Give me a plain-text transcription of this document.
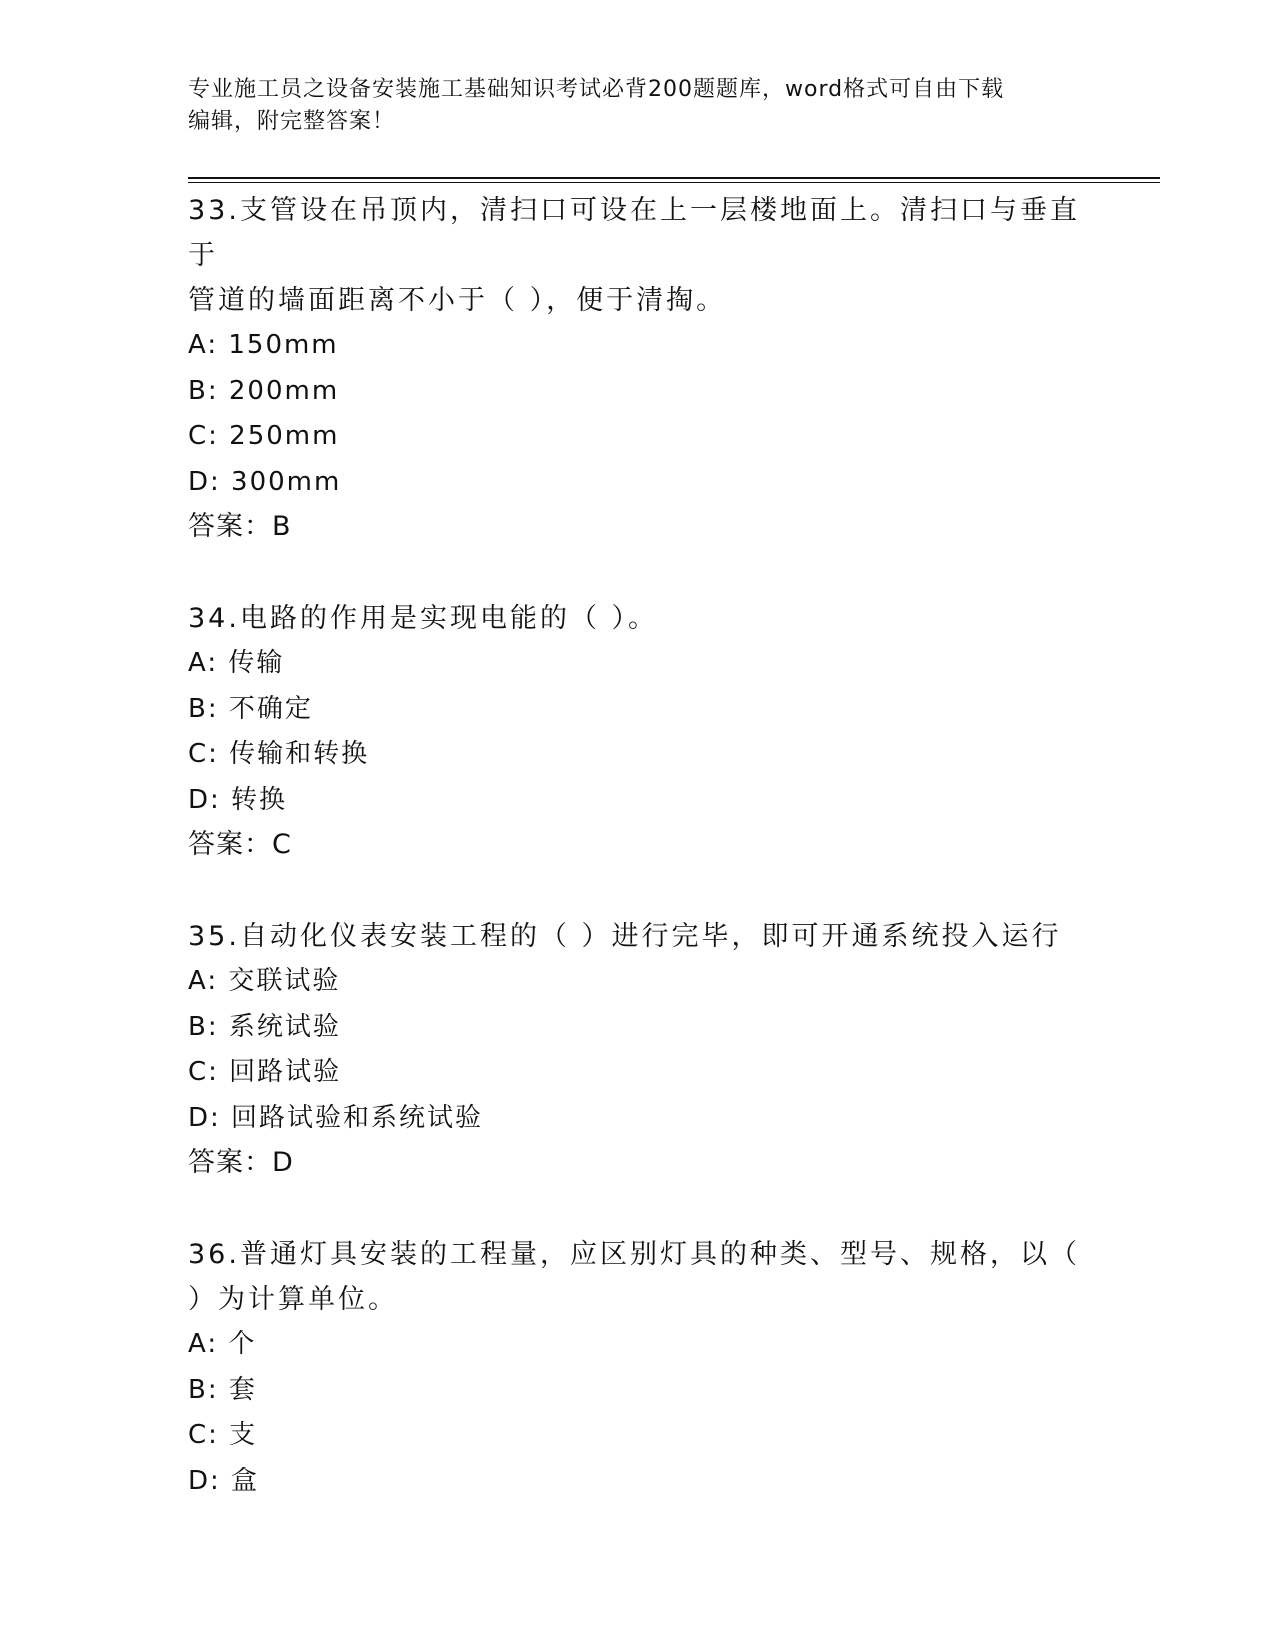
专业施工员之设备安装施工基础知识考试必背200题题库，word格式可自由下载
编辑，附完整答案！
33.支管设在吊顶内，清扫口可设在上一层楼地面上。清扫口与垂直于
管道的墙面距离不小于（ ），便于清掏。
A: 150mm
B: 200mm
C: 250mm
D: 300mm
答案：B
34.电路的作用是实现电能的（ ）。
A: 传输
B: 不确定
C: 传输和转换
D: 转换
答案：C
35.自动化仪表安装工程的（ ）进行完毕，即可开通系统投入运行
A: 交联试验
B: 系统试验
C: 回路试验
D: 回路试验和系统试验
答案：D
36.普通灯具安装的工程量，应区别灯具的种类、型号、规格，以（
）为计算单位。
A: 个
B: 套
C: 支
D: 盒
